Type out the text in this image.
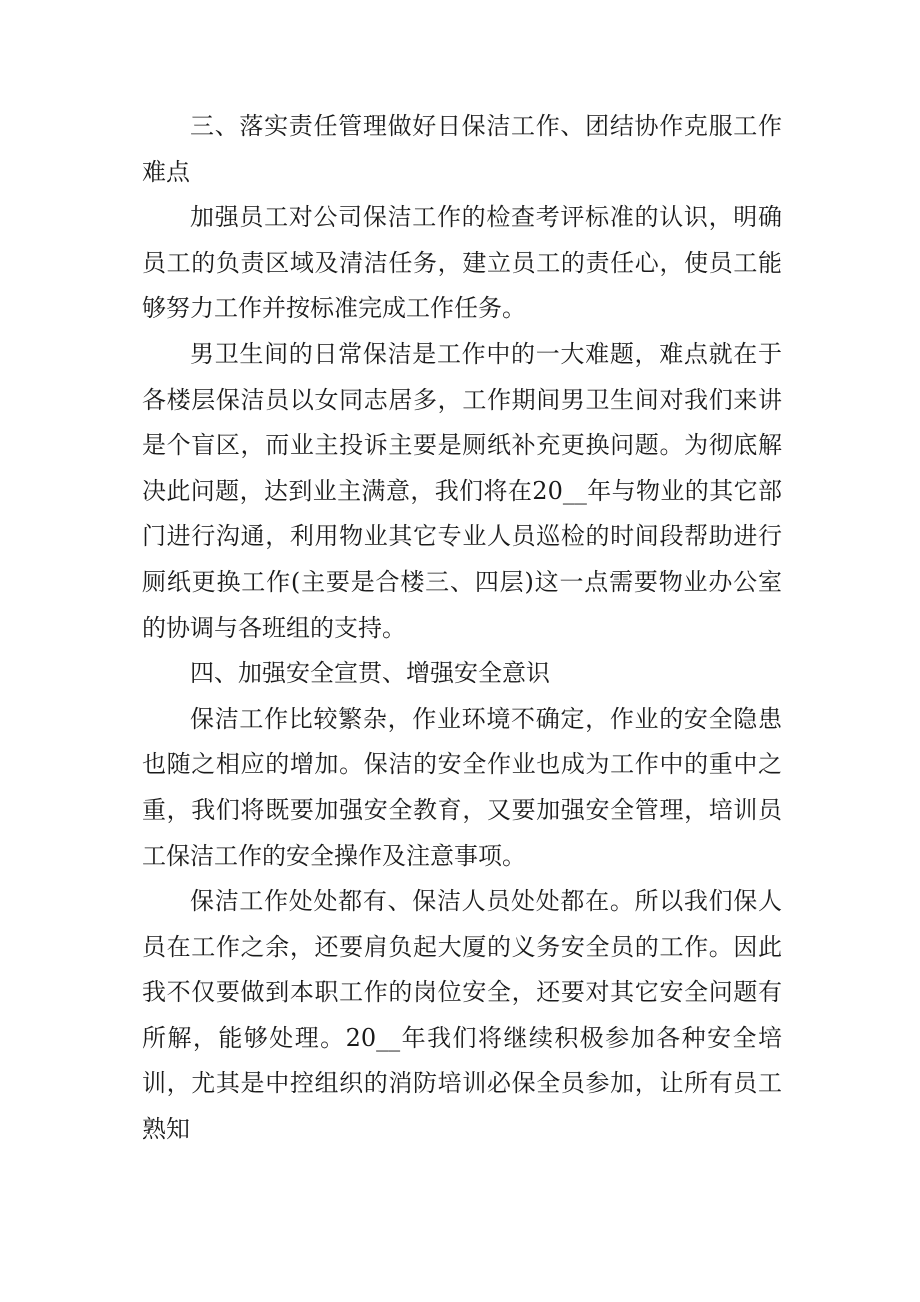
三、落实责任管理做好日保洁工作、团结协作克服工作难点

加强员工对公司保洁工作的检查考评标准的认识，明确员工的负责区域及清洁任务，建立员工的责任心，使员工能够努力工作并按标准完成工作任务。

男卫生间的日常保洁是工作中的一大难题，难点就在于各楼层保洁员以女同志居多，工作期间男卫生间对我们来讲是个盲区，而业主投诉主要是厕纸补充更换问题。为彻底解决此问题，达到业主满意，我们将在20__年与物业的其它部门进行沟通，利用物业其它专业人员巡检的时间段帮助进行厕纸更换工作(主要是合楼三、四层)这一点需要物业办公室的协调与各班组的支持。

四、加强安全宣贯、增强安全意识

保洁工作比较繁杂，作业环境不确定，作业的安全隐患也随之相应的增加。保洁的安全作业也成为工作中的重中之重，我们将既要加强安全教育，又要加强安全管理，培训员工保洁工作的安全操作及注意事项。

保洁工作处处都有、保洁人员处处都在。所以我们保人员在工作之余，还要肩负起大厦的义务安全员的工作。因此我不仅要做到本职工作的岗位安全，还要对其它安全问题有所解，能够处理。20__年我们将继续积极参加各种安全培训，尤其是中控组织的消防培训必保全员参加，让所有员工熟知
